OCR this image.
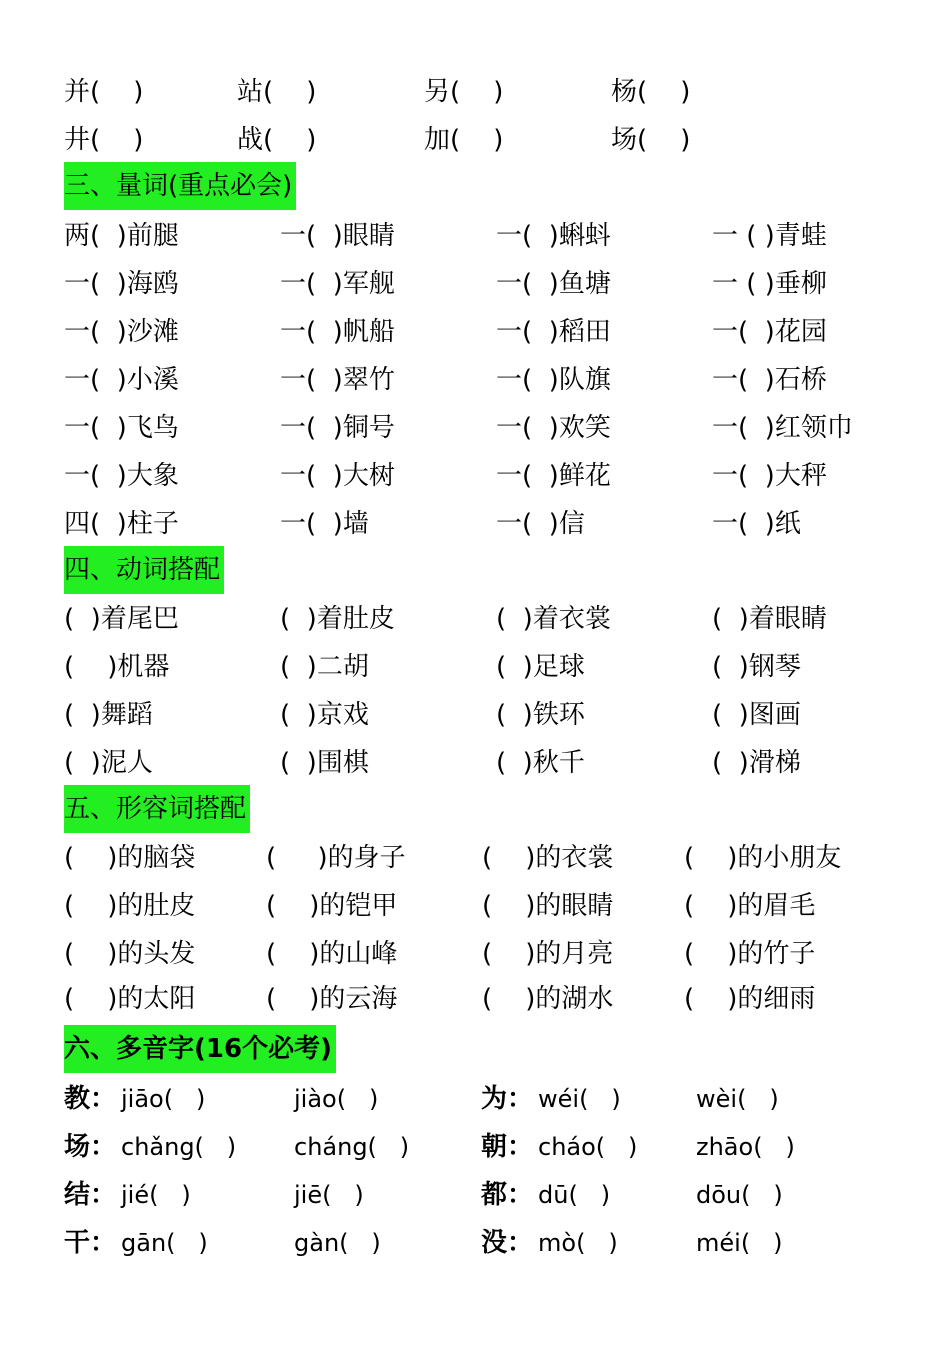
并(    )	站(    )	另(    )	杨(    )
井(    )	战(    )	加(    )	场(    )
三、量词(重点必会)
两(  )前腿	一(  )眼睛	一(  )蝌蚪	一 ( )青蛙
一(  )海鸥	一(  )军舰	一(  )鱼塘	一 ( )垂柳
一(  )沙滩	一(  )帆船	一(  )稻田	一(  )花园
一(  )小溪	一(  )翠竹	一(  )队旗	一(  )石桥
一(  )飞鸟	一(  )铜号	一(  )欢笑	一(  )红领巾
一(  )大象	一(  )大树	一(  )鲜花	一(  )大秤
四(  )柱子	一(  )墙	一(  )信	一(  )纸
四、动词搭配
(  )着尾巴	(  )着肚皮	(  )着衣裳	(  )着眼睛
(    )机器	(  )二胡	(  )足球	(  )钢琴
(  )舞蹈	(  )京戏	(  )铁环	(  )图画
(  )泥人	(  )围棋	(  )秋千	(  )滑梯
五、形容词搭配
(    )的脑袋	(     )的身子	(    )的衣裳	(    )的小朋友
(    )的肚皮	(    )的铠甲	(    )的眼睛	(    )的眉毛
(    )的头发	(    )的山峰	(    )的月亮	(    )的竹子
(    )的太阳	(    )的云海	(    )的湖水	(    )的细雨
六、多音字(16个必考)
教 ： jiāo(   )	jiào(   )	为 ： wéi(   )	wèi(   )
场 ： chǎng(   ) cháng(   )	朝 ： cháo(   ) zhāo(   )
结 ： jié(   )	jiē(   )	都 ： dū(   )	dōu(   )
干 ： gān(   )	gàn(   )	没 ： mò(   )	méi(   )
